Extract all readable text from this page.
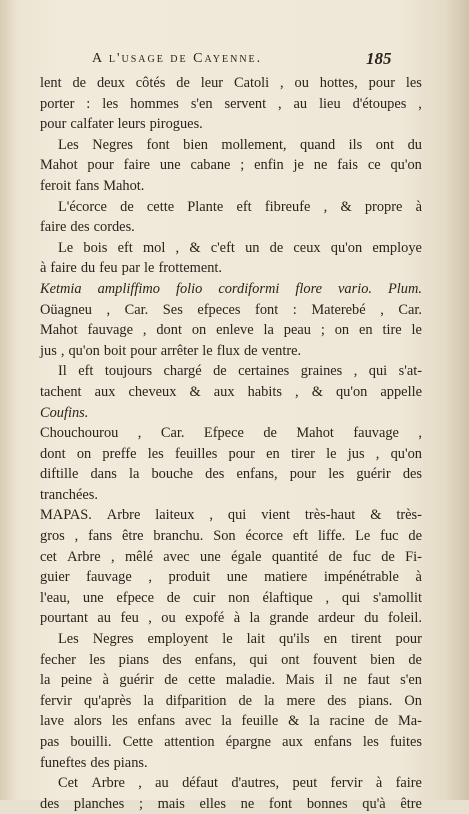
A l'usage de Cayenne.	185
lent de deux côtés de leur Catoli , ou hottes, pour les
porter : les hommes s'en servent , au lieu d'étoupes ,
pour calfater leurs pirogues.
Les Negres font bien mollement, quand ils ont du
Mahot pour faire une cabane ; enfin je ne fais ce qu'on
feroit fans Mahot.
L'écorce de cette Plante eft fibreufe , & propre à
faire des cordes.
Le bois eft mol , & c'eft un de ceux qu'on employe
à faire du feu par le frottement.
Ketmia ampliffimo folio cordiformi flore vario. Plum.
Oüagneu , Car. Ses efpeces font : Materebé , Car.
Mahot fauvage , dont on enleve la peau ; on en tire le
jus , qu'on boit pour arrêter le flux de ventre.
Il eft toujours chargé de certaines graines , qui s'at-
tachent aux cheveux & aux habits , & qu'on appelle
Coufins.
Chouchourou , Car. Efpece de Mahot fauvage ,
dont on preffe les feuilles pour en tirer le jus , qu'on
diftille dans la bouche des enfans, pour les guérir des
tranchées.
MAPAS. Arbre laiteux , qui vient très-haut & très-
gros , fans être branchu. Son écorce eft liffe. Le fuc de
cet Arbre , mêlé avec une égale quantité de fuc de Fi-
guier fauvage , produit une matiere impénétrable à
l'eau, une efpece de cuir non élaftique , qui s'amollit
pourtant au feu , ou expofé à la grande ardeur du foleil.
Les Negres employent le lait qu'ils en tirent pour
fecher les pians des enfans, qui ont fouvent bien de
la peine à guérir de cette maladie. Mais il ne faut s'en
fervir qu'après la difparition de la mere des pians. On
lave alors les enfans avec la feuille & la racine de Ma-
pas bouilli. Cette attention épargne aux enfans les fuites
funeftes des pians.
Cet Arbre , au défaut d'autres, peut fervir à faire
des planches ; mais elles ne font bonnes qu'à être
